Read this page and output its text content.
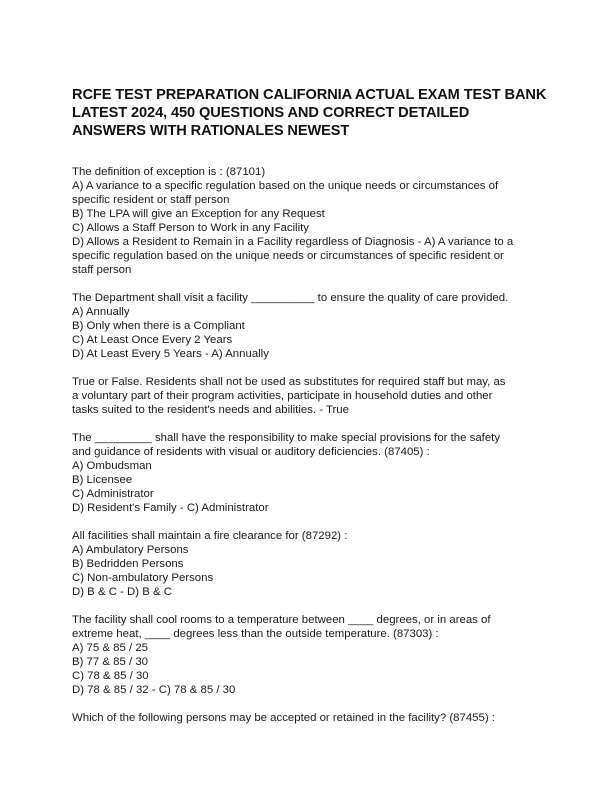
RCFE TEST PREPARATION CALIFORNIA ACTUAL EXAM TEST BANK
LATEST 2024, 450 QUESTIONS AND CORRECT DETAILED
ANSWERS WITH RATIONALES NEWEST

The definition of exception is : (87101)

A) A variance to a specific regulation based on the unique needs or circumstances of

specific resident or staff person

B) The LPA will give an Exception for any Request

C) Allows a Staff Person to Work in any Facility

D) Allows a Resident to Remain in a Facility regardless of Diagnosis - A) A variance to a

specific regulation based on the unique needs or circumstances of specific resident or

staff person

The Department shall visit a facility __________ to ensure the quality of care provided.

A) Annually

B) Only when there is a Compliant

C) At Least Once Every 2 Years

D) At Least Every 5 Years - A) Annually

True or False. Residents shall not be used as substitutes for required staff but may, as

a voluntary part of their program activities, participate in household duties and other

tasks suited to the resident's needs and abilities. - True

The _________ shall have the responsibility to make special provisions for the safety

and guidance of residents with visual or auditory deficiencies. (87405) :

A) Ombudsman

B) Licensee

C) Administrator

D) Resident's Family - C) Administrator

All facilities shall maintain a fire clearance for (87292) :

A) Ambulatory Persons

B) Bedridden Persons

C) Non-ambulatory Persons

D) B & C - D) B & C

The facility shall cool rooms to a temperature between ____ degrees, or in areas of

extreme heat, ____ degrees less than the outside temperature. (87303) :

A) 75 & 85 / 25

B) 77 & 85 / 30

C) 78 & 85 / 30

D) 78 & 85 / 32 - C) 78 & 85 / 30

Which of the following persons may be accepted or retained in the facility? (87455) :
